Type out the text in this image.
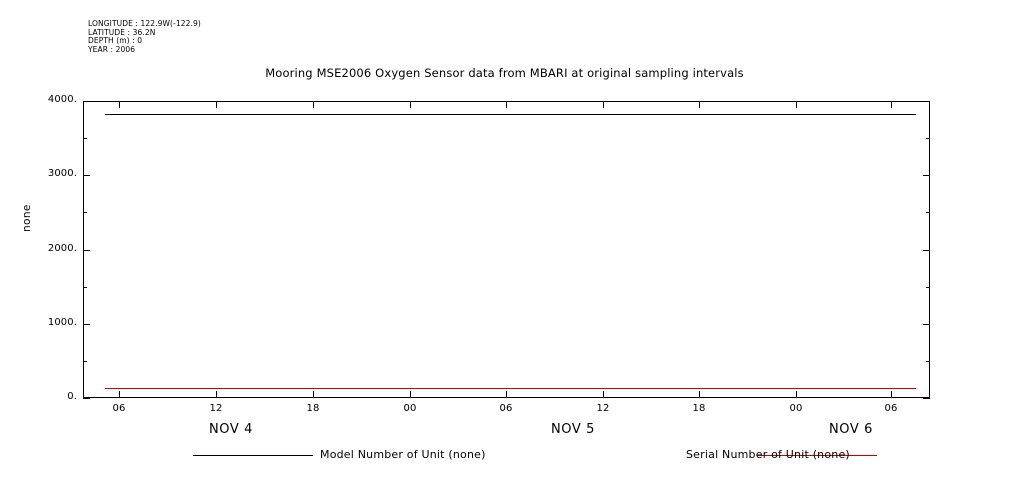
LONGITUDE : 122.9W(-122.9)
LATITUDE : 36.2N
DEPTH (m) : 0
YEAR : 2006
Mooring MSE2006 Oxygen Sensor data from MBARI at original sampling intervals
none
0.
1000.
2000.
3000.
4000.
06	12	18	00	06	12	18	00	06
NOV 4	NOV 5	NOV 6
Model Number of Unit (none)	Serial Number of Unit (none)
